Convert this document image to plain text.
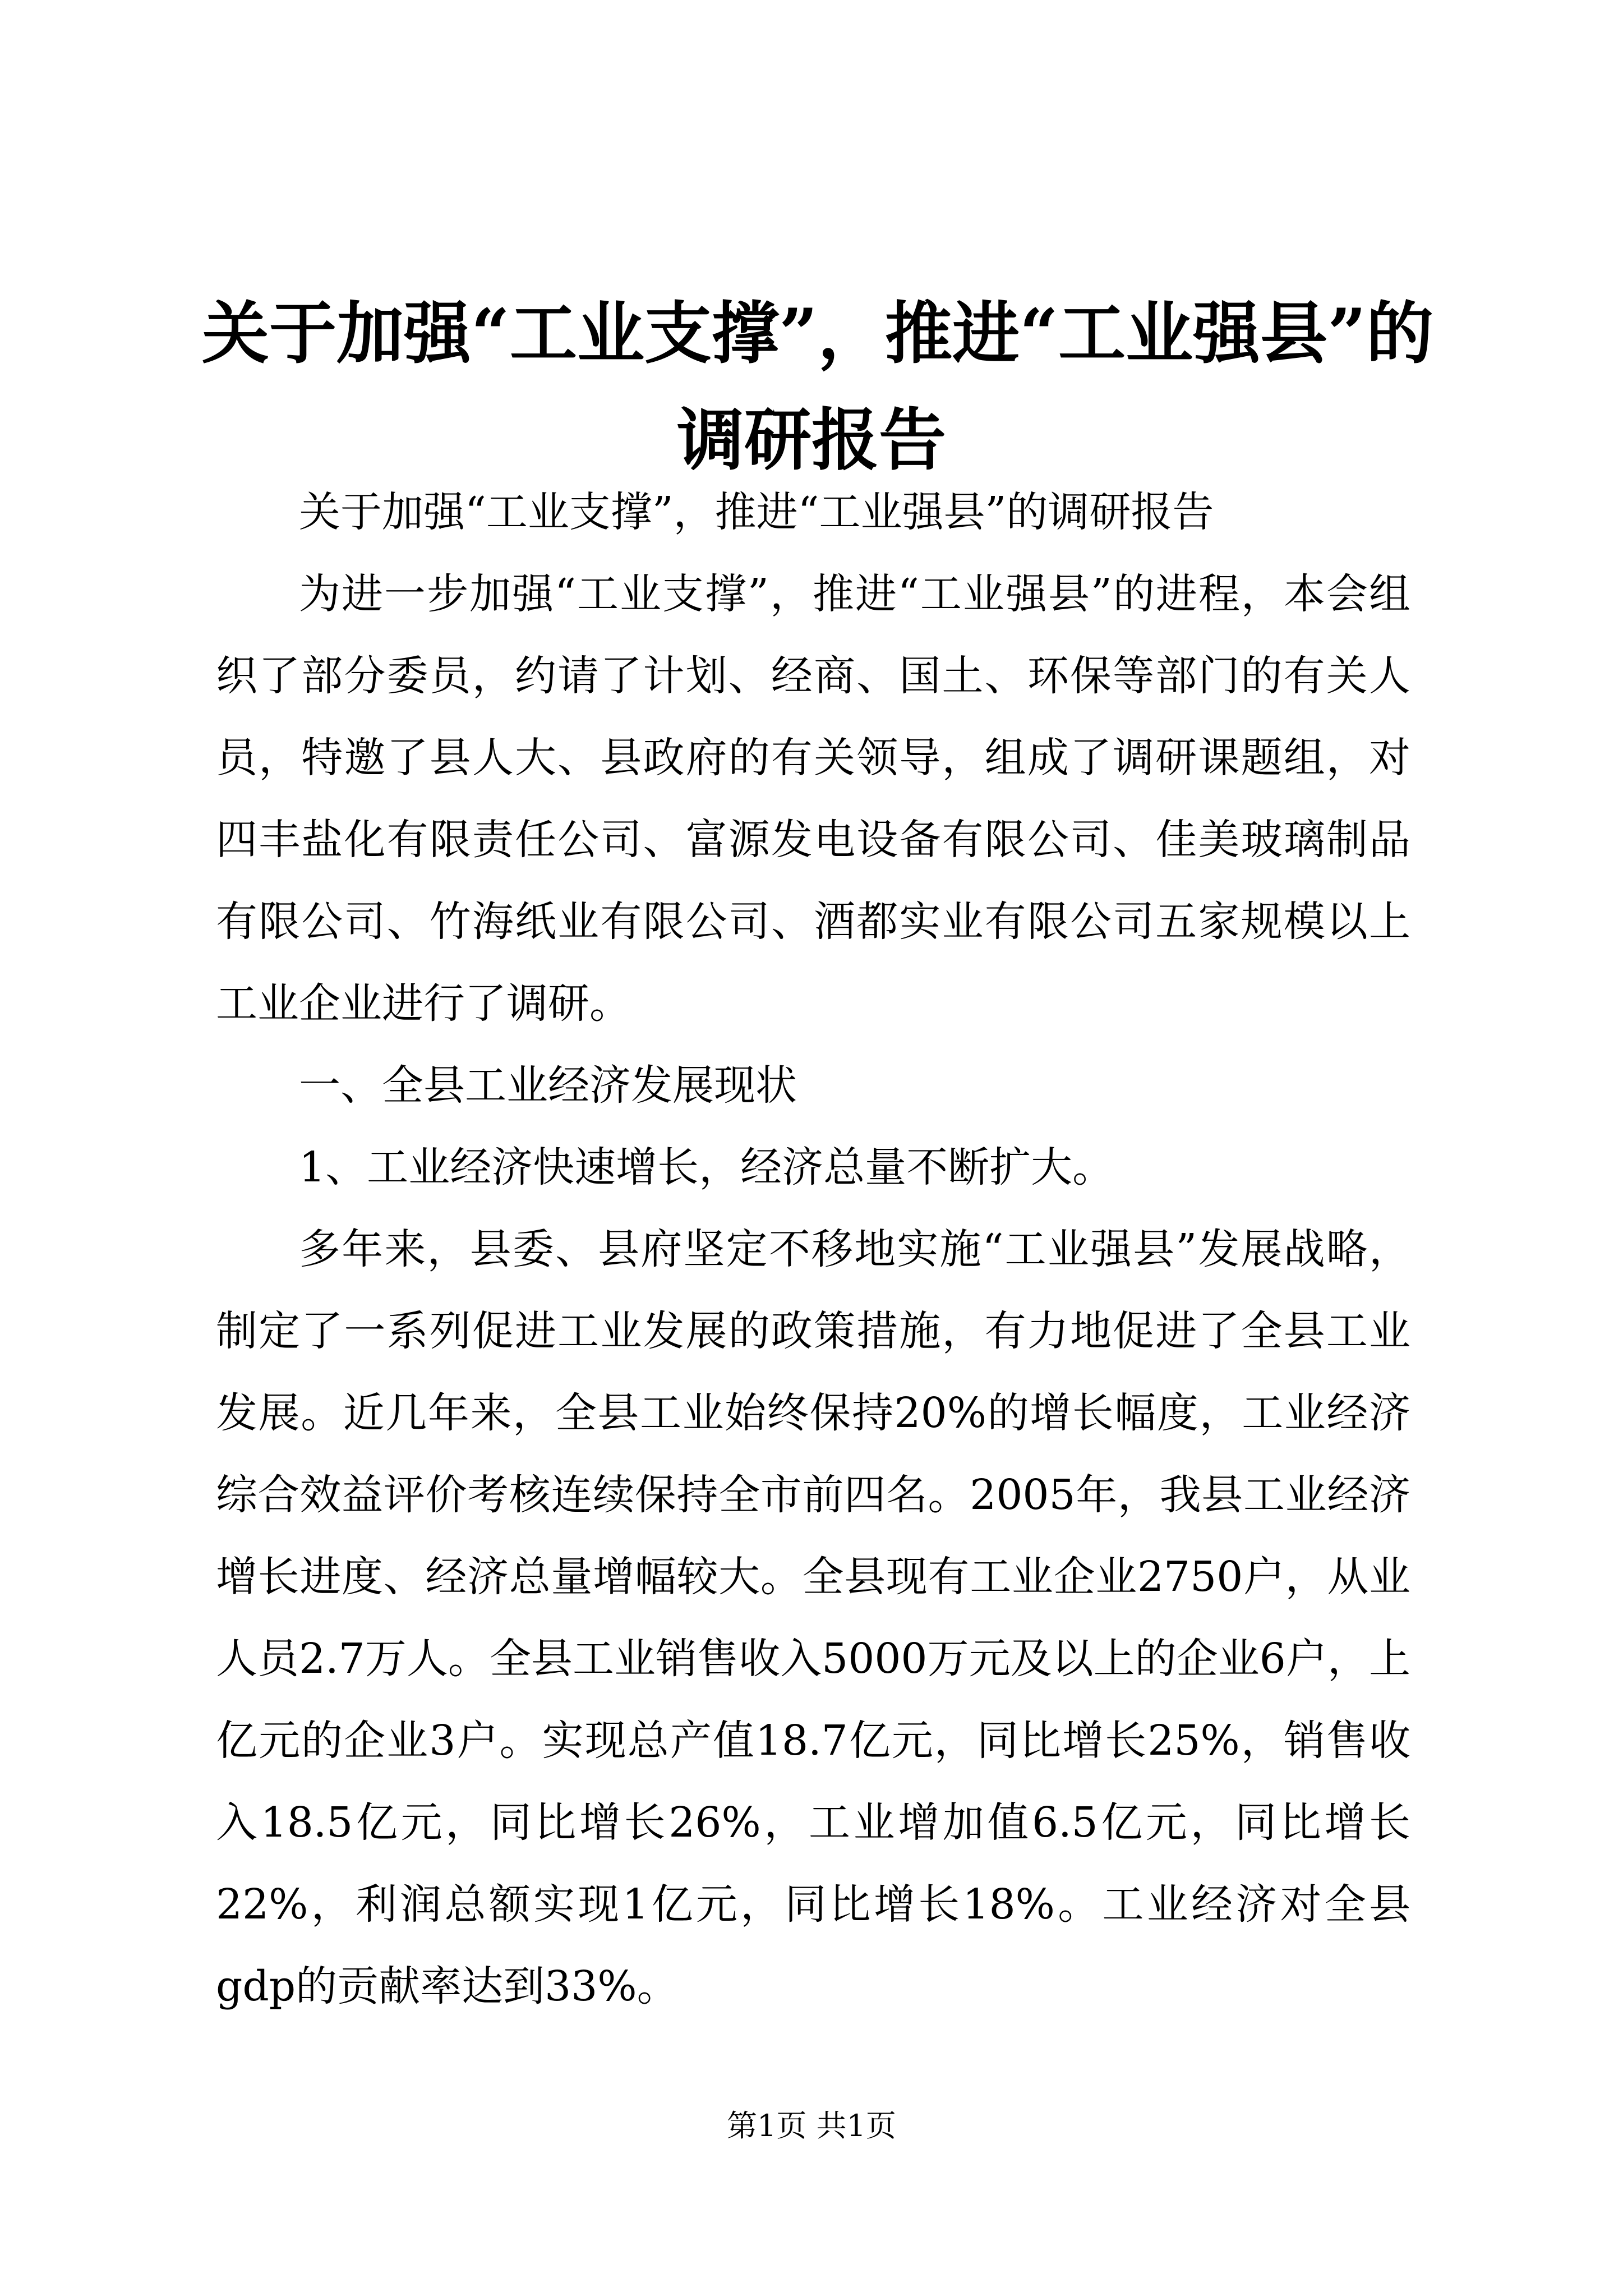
关于加强“工业支撑”，推进“工业强县”的
调研报告

关于加强“工业支撑”，推进“工业强县”的调研报告

为进一步加强“工业支撑”，推进“工业强县”的进程，本会组织了部分委员，约请了计划、经商、国土、环保等部门的有关人员，特邀了县人大、县政府的有关领导，组成了调研课题组，对四丰盐化有限责任公司、富源发电设备有限公司、佳美玻璃制品有限公司、竹海纸业有限公司、酒都实业有限公司五家规模以上工业企业进行了调研。

一、全县工业经济发展现状

1、工业经济快速增长，经济总量不断扩大。

多年来，县委、县府坚定不移地实施“工业强县”发展战略，制定了一系列促进工业发展的政策措施，有力地促进了全县工业发展。近几年来，全县工业始终保持20%的增长幅度，工业经济综合效益评价考核连续保持全市前四名。2005年，我县工业经济增长进度、经济总量增幅较大。全县现有工业企业2750户，从业人员2.7万人。全县工业销售收入5000万元及以上的企业6户，上亿元的企业3户。实现总产值18.7亿元，同比增长25%，销售收入18.5亿元，同比增长26%，工业增加值6.5亿元，同比增长22%，利润总额实现1亿元，同比增长18%。工业经济对全县gdp的贡献率达到33%。

第1页 共1页
